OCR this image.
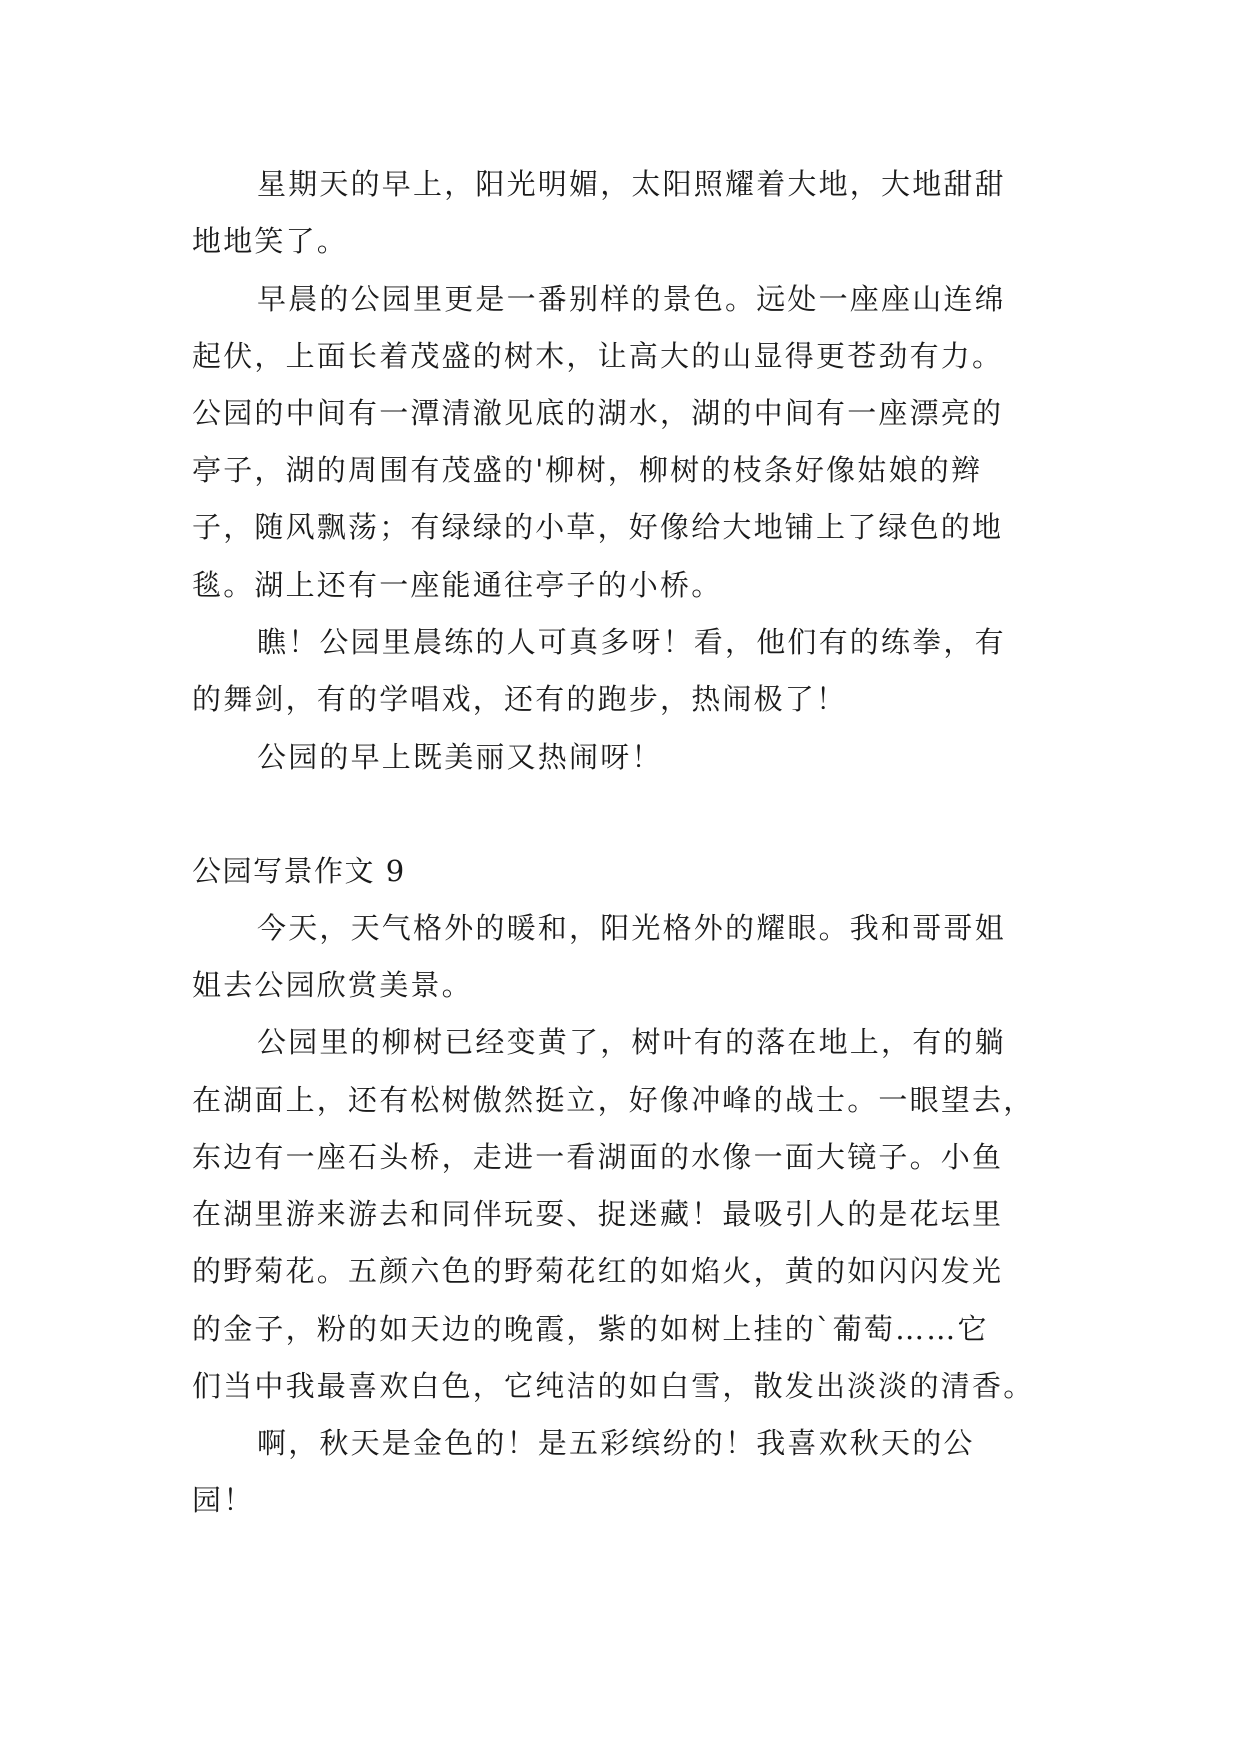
星期天的早上，阳光明媚，太阳照耀着大地，大地甜甜
地地笑了。
早晨的公园里更是一番别样的景色。远处一座座山连绵
起伏，上面长着茂盛的树木，让高大的山显得更苍劲有力。
公园的中间有一潭清澈见底的湖水，湖的中间有一座漂亮的
亭子，湖的周围有茂盛的'柳树，柳树的枝条好像姑娘的辫
子，随风飘荡；有绿绿的小草，好像给大地铺上了绿色的地
毯。湖上还有一座能通往亭子的小桥。
瞧！公园里晨练的人可真多呀！看，他们有的练拳，有
的舞剑，有的学唱戏，还有的跑步，热闹极了！
公园的早上既美丽又热闹呀！
公园写景作文 9
今天，天气格外的暖和，阳光格外的耀眼。我和哥哥姐
姐去公园欣赏美景。
公园里的柳树已经变黄了，树叶有的落在地上，有的躺
在湖面上，还有松树傲然挺立，好像冲峰的战士。一眼望去，
东边有一座石头桥，走进一看湖面的水像一面大镜子。小鱼
在湖里游来游去和同伴玩耍、捉迷藏！最吸引人的是花坛里
的野菊花。五颜六色的野菊花红的如焰火，黄的如闪闪发光
的金子，粉的如天边的晚霞，紫的如树上挂的`葡萄……它
们当中我最喜欢白色，它纯洁的如白雪，散发出淡淡的清香。
啊，秋天是金色的！是五彩缤纷的！我喜欢秋天的公
园！
